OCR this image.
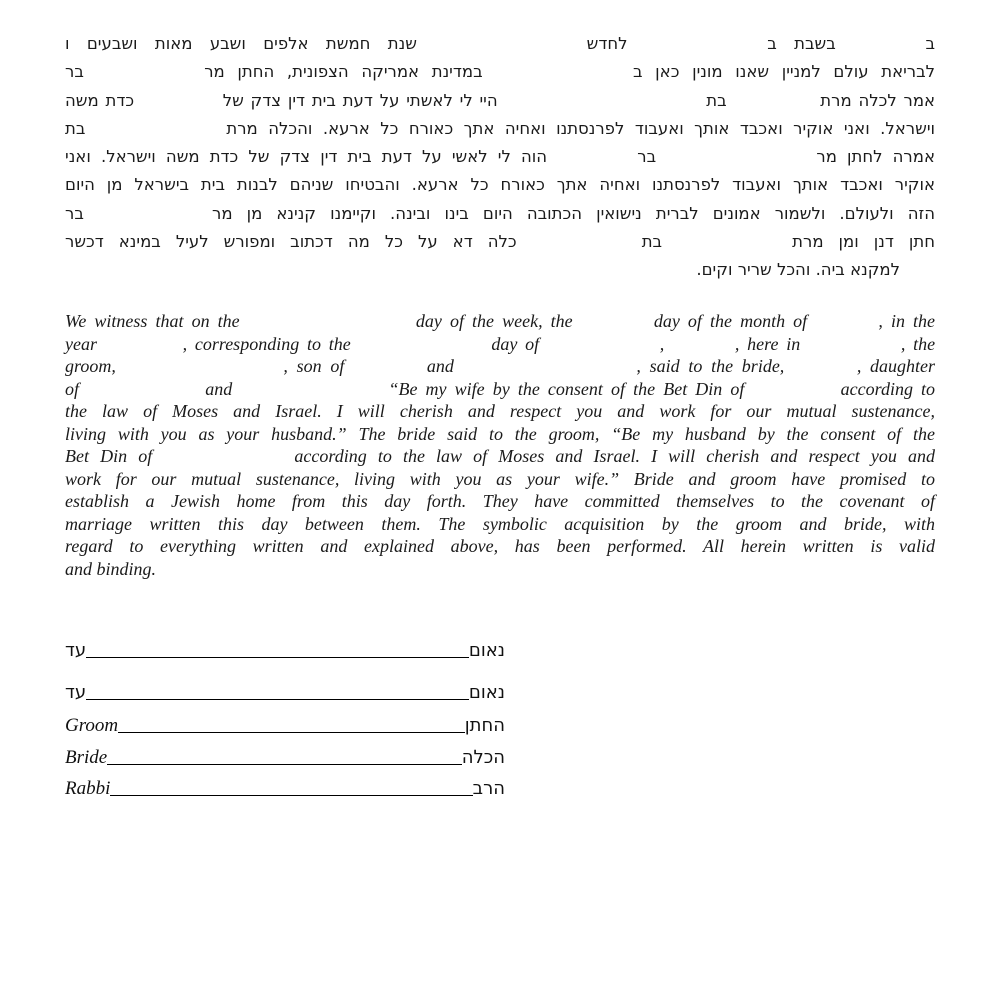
ב  בשבת ב  לחדש  שנת חמשת אלפים ושבע מאות ושבעים ו
לבריאת עולם למניין שאנו מונין כאן ב  במדינת אמריקה הצפונית, החתן מר  בר
אמר לכלה מרת  בת  היי לי לאשתי על דעת בית דין צדק של  כדת משה
וישראל. ואני אוקיר ואכבד אותך ואעבוד לפרנסתנו ואחיה אתך כאורח כל ארעא. והכלה מרת  בת
אמרה לחתן מר  בר  הוה לי לאשי על דעת בית דין צדק של כדת משה וישראל. ואני
אוקיר ואכבד אותך ואעבוד לפרנסתנו ואחיה אתך כאורח כל ארעא. והבטיחו שניהם לבנות בית בישראל מן היום
הזה ולעולם. ולשמור אמונים לברית נישואין הכתובה היום בינו ובינה. וקיימנו קנינא מן מר  בר
חתן דנן ומן מרת  בת  כלה דא על כל מה דכתוב ומפורש לעיל במינא דכשר
למקנא ביה. והכל שריר וקים.
We witness that on the	day of the week, the	day of the month of	, in the
year	, corresponding to the	day of	,	, here in	, the
groom,	, son of	and	, said to the bride,	, daughter
of	and	“Be my wife by the consent of the Bet Din of	according to
the law of Moses and Israel. I will cherish and respect you and work for our mutual sustenance,
living with you as your husband.” The bride said to the groom, “Be my husband by the consent of the
Bet Din of	according to the law of Moses and Israel. I will cherish and respect you and
work for our mutual sustenance, living with you as your wife.” Bride and groom have promised to
establish a Jewish home from this day forth. They have committed themselves to the covenant of
marriage written this day between them. The symbolic acquisition by the groom and bride, with
regard to everything written and explained above, has been performed. All herein written is valid
and binding.
עד	נאום
עד	נאום
Groom	החתן
Bride	הכלה
Rabbi	הרב
